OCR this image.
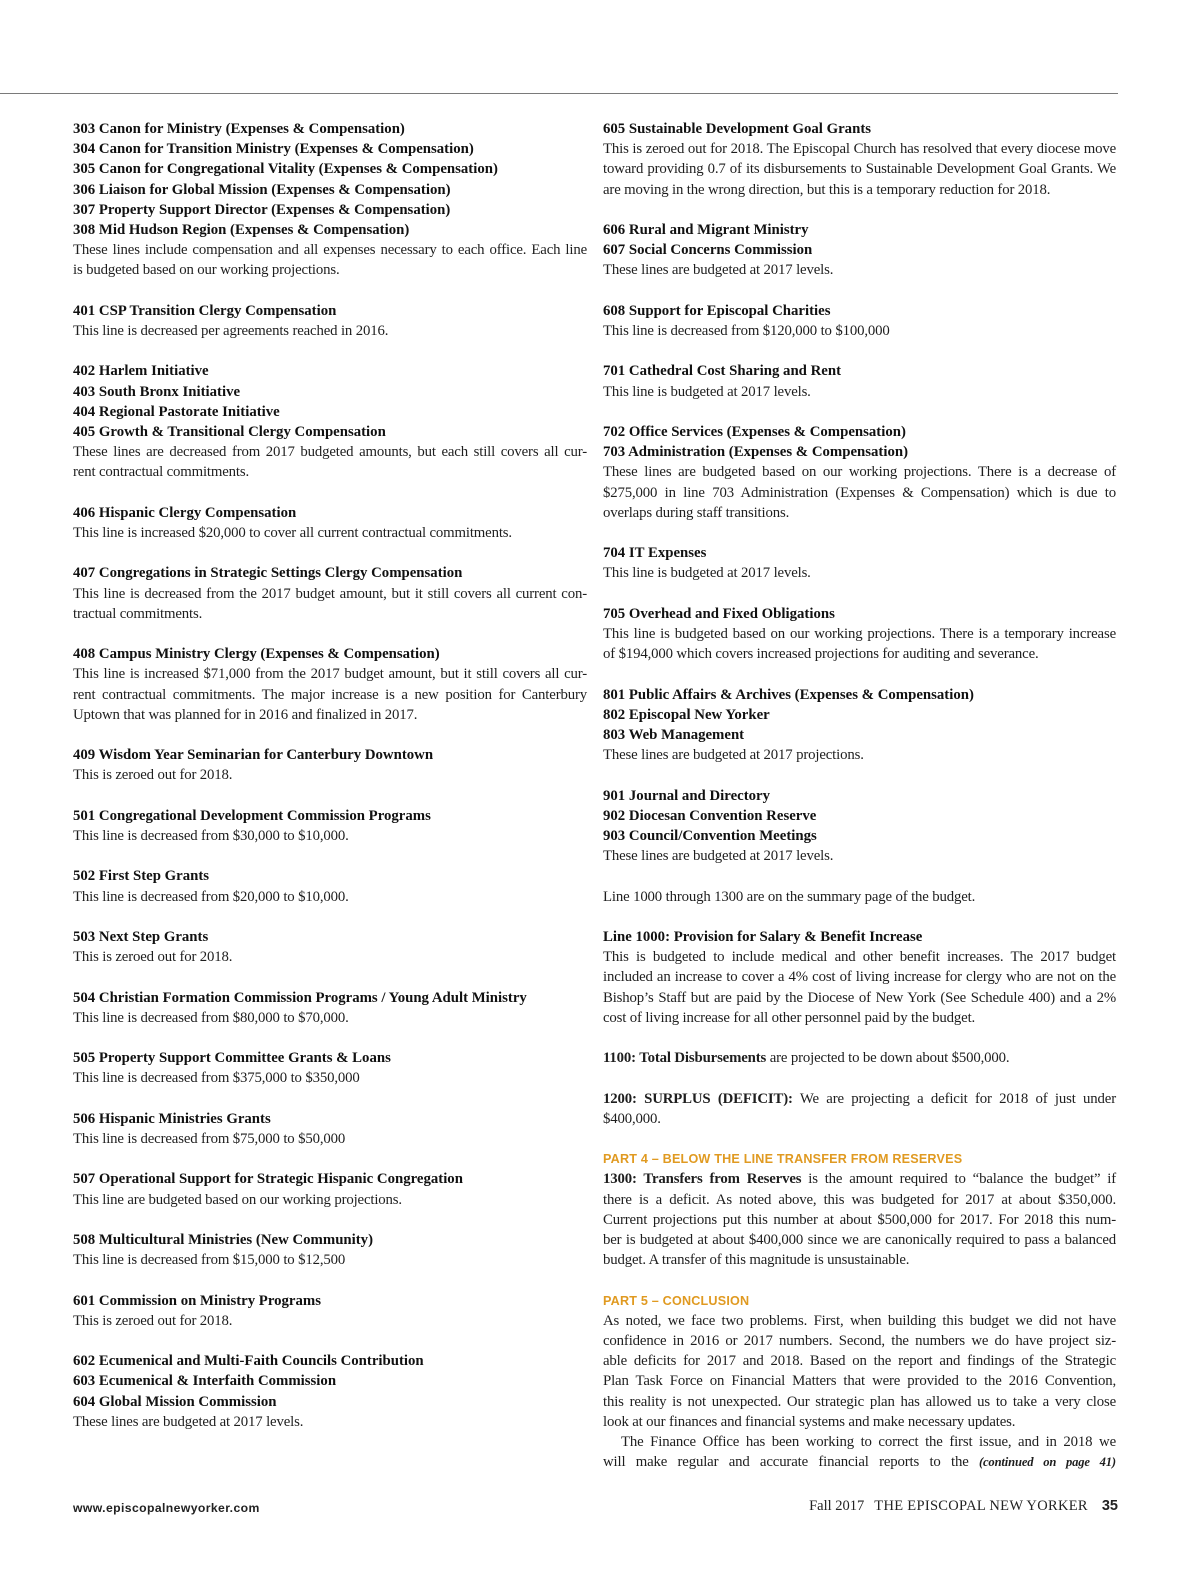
303 Canon for Ministry (Expenses & Compensation)
304 Canon for Transition Ministry (Expenses & Compensation)
305 Canon for Congregational Vitality (Expenses & Compensation)
306 Liaison for Global Mission (Expenses & Compensation)
307 Property Support Director (Expenses & Compensation)
308 Mid Hudson Region (Expenses & Compensation)
These lines include compensation and all expenses necessary to each office. Each line
is budgeted based on our working projections.
401 CSP Transition Clergy Compensation
This line is decreased per agreements reached in 2016.
402 Harlem Initiative
403 South Bronx Initiative
404 Regional Pastorate Initiative
405 Growth & Transitional Clergy Compensation
These lines are decreased from 2017 budgeted amounts, but each still covers all cur-
rent contractual commitments.
406 Hispanic Clergy Compensation
This line is increased $20,000 to cover all current contractual commitments.
407 Congregations in Strategic Settings Clergy Compensation
This line is decreased from the 2017 budget amount, but it still covers all current con-
tractual commitments.
408 Campus Ministry Clergy (Expenses & Compensation)
This line is increased $71,000 from the 2017 budget amount, but it still covers all cur-
rent contractual commitments. The major increase is a new position for Canterbury
Uptown that was planned for in 2016 and finalized in 2017.
409 Wisdom Year Seminarian for Canterbury Downtown
This is zeroed out for 2018.
501 Congregational Development Commission Programs
This line is decreased from $30,000 to $10,000.
502 First Step Grants
This line is decreased from $20,000 to $10,000.
503 Next Step Grants
This is zeroed out for 2018.
504 Christian Formation Commission Programs / Young Adult Ministry
This line is decreased from $80,000 to $70,000.
505 Property Support Committee Grants & Loans
This line is decreased from $375,000 to $350,000
506 Hispanic Ministries Grants
This line is decreased from $75,000 to $50,000
507 Operational Support for Strategic Hispanic Congregation
This line are budgeted based on our working projections.
508 Multicultural Ministries (New Community)
This line is decreased from $15,000 to $12,500
601 Commission on Ministry Programs
This is zeroed out for 2018.
602 Ecumenical and Multi-Faith Councils Contribution
603 Ecumenical & Interfaith Commission
604 Global Mission Commission
These lines are budgeted at 2017 levels.
605 Sustainable Development Goal Grants
This is zeroed out for 2018. The Episcopal Church has resolved that every diocese move
toward providing 0.7 of its disbursements to Sustainable Development Goal Grants. We
are moving in the wrong direction, but this is a temporary reduction for 2018.
606 Rural and Migrant Ministry
607 Social Concerns Commission
These lines are budgeted at 2017 levels.
608 Support for Episcopal Charities
This line is decreased from $120,000 to $100,000
701 Cathedral Cost Sharing and Rent
This line is budgeted at 2017 levels.
702 Office Services (Expenses & Compensation)
703 Administration (Expenses & Compensation)
These lines are budgeted based on our working projections. There is a decrease of
$275,000 in line 703 Administration (Expenses & Compensation) which is due to
overlaps during staff transitions.
704 IT Expenses
This line is budgeted at 2017 levels.
705 Overhead and Fixed Obligations
This line is budgeted based on our working projections. There is a temporary increase
of $194,000 which covers increased projections for auditing and severance.
801 Public Affairs & Archives (Expenses & Compensation)
802 Episcopal New Yorker
803 Web Management
These lines are budgeted at 2017 projections.
901 Journal and Directory
902 Diocesan Convention Reserve
903 Council/Convention Meetings
These lines are budgeted at 2017 levels.
Line 1000 through 1300 are on the summary page of the budget.
Line 1000: Provision for Salary & Benefit Increase
This is budgeted to include medical and other benefit increases. The 2017 budget
included an increase to cover a 4% cost of living increase for clergy who are not on the
Bishop’s Staff but are paid by the Diocese of New York (See Schedule 400) and a 2%
cost of living increase for all other personnel paid by the budget.
1100: Total Disbursements are projected to be down about $500,000.
1200: SURPLUS (DEFICIT): We are projecting a deficit for 2018 of just under
$400,000.
PART 4 – BELOW THE LINE TRANSFER FROM RESERVES
1300: Transfers from Reserves is the amount required to “balance the budget” if
there is a deficit. As noted above, this was budgeted for 2017 at about $350,000.
Current projections put this number at about $500,000 for 2017. For 2018 this num-
ber is budgeted at about $400,000 since we are canonically required to pass a balanced
budget. A transfer of this magnitude is unsustainable.
PART 5 – CONCLUSION
As noted, we face two problems. First, when building this budget we did not have
confidence in 2016 or 2017 numbers. Second, the numbers we do have project siz-
able deficits for 2017 and 2018. Based on the report and findings of the Strategic
Plan Task Force on Financial Matters that were provided to the 2016 Convention,
this reality is not unexpected. Our strategic plan has allowed us to take a very close
look at our finances and financial systems and make necessary updates.
The Finance Office has been working to correct the first issue, and in 2018 we
will make regular and accurate financial reports to the (continued on page 41)
www.episcopalnewyorker.com	Fall 2017 THE EPISCOPAL NEW YORKER 35
